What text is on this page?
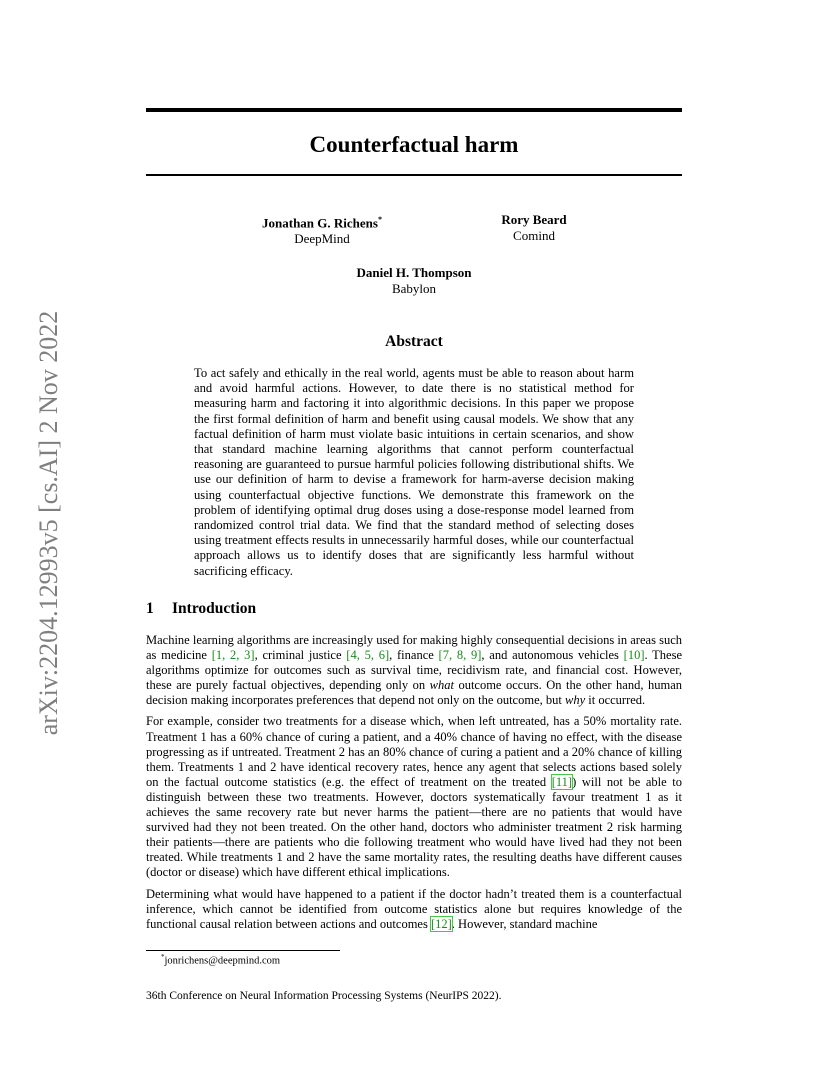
arXiv:2204.12993v5 [cs.AI] 2 Nov 2022
Counterfactual harm
Jonathan G. Richens*
DeepMind
Rory Beard
Comind
Daniel H. Thompson
Babylon
Abstract
To act safely and ethically in the real world, agents must be able to reason about harm and avoid harmful actions. However, to date there is no statistical method for measuring harm and factoring it into algorithmic decisions. In this paper we propose the first formal definition of harm and benefit using causal models. We show that any factual definition of harm must violate basic intuitions in certain scenarios, and show that standard machine learning algorithms that cannot perform counterfactual reasoning are guaranteed to pursue harmful policies following distributional shifts. We use our definition of harm to devise a framework for harm-averse decision making using counterfactual objective functions. We demonstrate this framework on the problem of identifying optimal drug doses using a dose-response model learned from randomized control trial data. We find that the standard method of selecting doses using treatment effects results in unnecessarily harmful doses, while our counterfactual approach allows us to identify doses that are significantly less harmful without sacrificing efficacy.
1 Introduction

Machine learning algorithms are increasingly used for making highly consequential decisions in areas such as medicine [1, 2, 3], criminal justice [4, 5, 6], finance [7, 8, 9], and autonomous vehicles [10]. These algorithms optimize for outcomes such as survival time, recidivism rate, and financial cost. However, these are purely factual objectives, depending only on what outcome occurs. On the other hand, human decision making incorporates preferences that depend not only on the outcome, but why it occurred.

For example, consider two treatments for a disease which, when left untreated, has a 50% mortality rate. Treatment 1 has a 60% chance of curing a patient, and a 40% chance of having no effect, with the disease progressing as if untreated. Treatment 2 has an 80% chance of curing a patient and a 20% chance of killing them. Treatments 1 and 2 have identical recovery rates, hence any agent that selects actions based solely on the factual outcome statistics (e.g. the effect of treatment on the treated [11]) will not be able to distinguish between these two treatments. However, doctors systematically favour treatment 1 as it achieves the same recovery rate but never harms the patient—there are no patients that would have survived had they not been treated. On the other hand, doctors who administer treatment 2 risk harming their patients—there are patients who die following treatment who would have lived had they not been treated. While treatments 1 and 2 have the same mortality rates, the resulting deaths have different causes (doctor or disease) which have different ethical implications.

Determining what would have happened to a patient if the doctor hadn’t treated them is a counterfactual inference, which cannot be identified from outcome statistics alone but requires knowledge of the functional causal relation between actions and outcomes [12]. However, standard machine

*jonrichens@deepmind.com
36th Conference on Neural Information Processing Systems (NeurIPS 2022).
